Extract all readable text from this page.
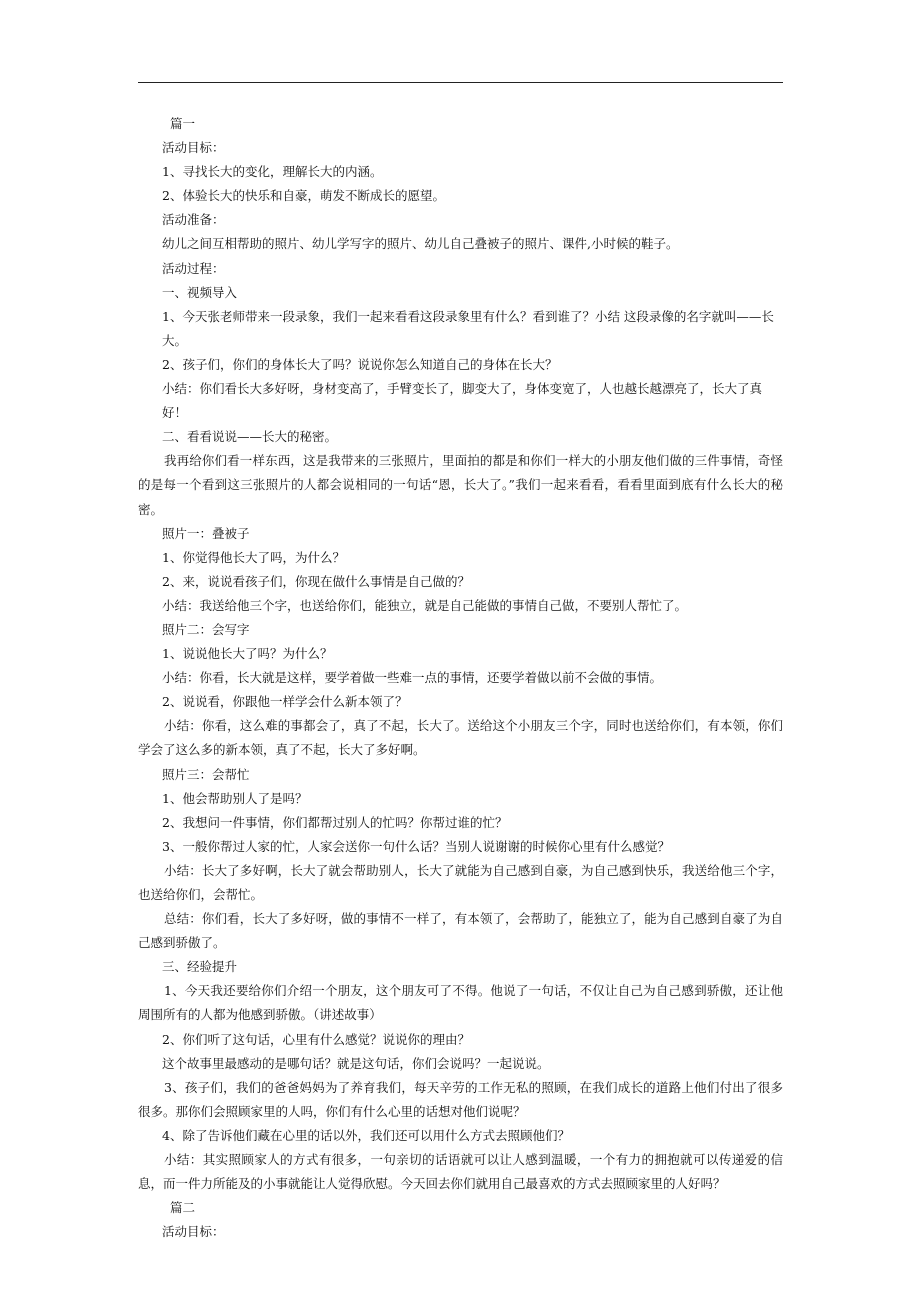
篇一

活动目标：

1、寻找长大的变化，理解长大的内涵。

2、体验长大的快乐和自豪，萌发不断成长的愿望。

活动准备：

幼儿之间互相帮助的照片、幼儿学写字的照片、幼儿自己叠被子的照片、课件,小时候的鞋子。

活动过程：

一、视频导入

1、今天张老师带来一段录象，我们一起来看看这段录象里有什么？看到谁了？小结 这段录像的名字就叫——长大。

2、孩子们，你们的身体长大了吗？说说你怎么知道自己的身体在长大？

小结：你们看长大多好呀，身材变高了，手臂变长了，脚变大了，身体变宽了，人也越长越漂亮了，长大了真好！

二、看看说说——长大的秘密。

我再给你们看一样东西，这是我带来的三张照片，里面拍的都是和你们一样大的小朋友他们做的三件事情，奇怪的是每一个看到这三张照片的人都会说相同的一句话“恩，长大了。”我们一起来看看，看看里面到底有什么长大的秘密。

照片一：叠被子

1、你觉得他长大了吗，为什么？

2、来，说说看孩子们，你现在做什么事情是自己做的？

小结：我送给他三个字，也送给你们，能独立，就是自己能做的事情自己做，不要别人帮忙了。

照片二：会写字

1、说说他长大了吗？为什么？

小结：你看，长大就是这样，要学着做一些难一点的事情，还要学着做以前不会做的事情。

2、说说看，你跟他一样学会什么新本领了？

小结：你看，这么难的事都会了，真了不起，长大了。送给这个小朋友三个字，同时也送给你们，有本领，你们学会了这么多的新本领，真了不起，长大了多好啊。

照片三：会帮忙

1、他会帮助别人了是吗？

2、我想问一件事情，你们都帮过别人的忙吗？你帮过谁的忙？

3、一般你帮过人家的忙，人家会送你一句什么话？当别人说谢谢的时候你心里有什么感觉？

小结：长大了多好啊，长大了就会帮助别人，长大了就能为自己感到自豪，为自己感到快乐，我送给他三个字，也送给你们，会帮忙。

总结：你们看，长大了多好呀，做的事情不一样了，有本领了，会帮助了，能独立了，能为自己感到自豪了为自己感到骄傲了。

三、经验提升

1、今天我还要给你们介绍一个朋友，这个朋友可了不得。他说了一句话，不仅让自己为自己感到骄傲，还让他周围所有的人都为他感到骄傲。（讲述故事）

2、你们听了这句话，心里有什么感觉？说说你的理由？

这个故事里最感动的是哪句话？就是这句话，你们会说吗？一起说说。

3、孩子们，我们的爸爸妈妈为了养育我们，每天辛劳的工作无私的照顾，在我们成长的道路上他们付出了很多很多。那你们会照顾家里的人吗，你们有什么心里的话想对他们说呢？

4、除了告诉他们藏在心里的话以外，我们还可以用什么方式去照顾他们？

小结：其实照顾家人的方式有很多，一句亲切的话语就可以让人感到温暖，一个有力的拥抱就可以传递爱的信息，而一件力所能及的小事就能让人觉得欣慰。今天回去你们就用自己最喜欢的方式去照顾家里的人好吗？

篇二

活动目标：
